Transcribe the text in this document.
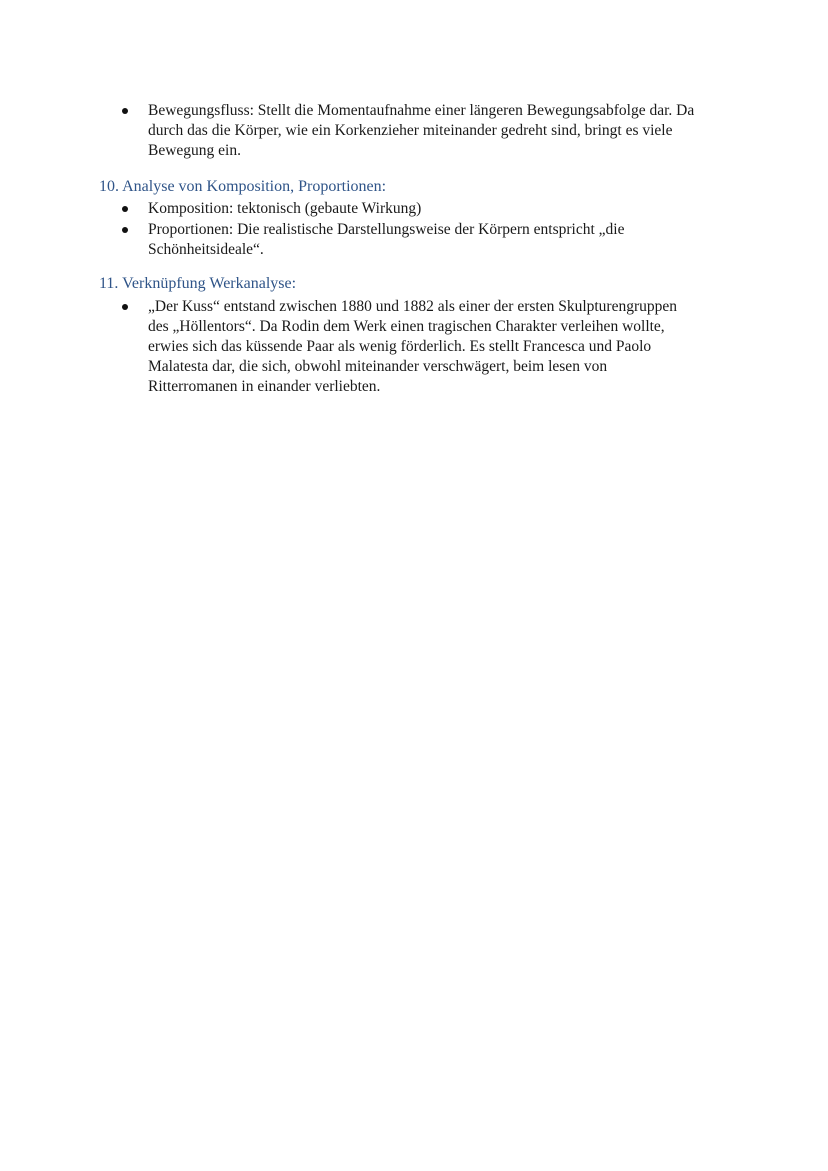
Bewegungsfluss: Stellt die Momentaufnahme einer längeren Bewegungsabfolge dar. Da
durch das die Körper, wie ein Korkenzieher miteinander gedreht sind, bringt es viele
Bewegung ein.
10. Analyse von Komposition, Proportionen:
Komposition: tektonisch (gebaute Wirkung)
Proportionen: Die realistische Darstellungsweise der Körpern entspricht „die
Schönheitsideale“.
11. Verknüpfung Werkanalyse:
„Der Kuss“ entstand zwischen 1880 und 1882 als einer der ersten Skulpturengruppen
des „Höllentors“. Da Rodin dem Werk einen tragischen Charakter verleihen wollte,
erwies sich das küssende Paar als wenig förderlich. Es stellt Francesca und Paolo
Malatesta dar, die sich, obwohl miteinander verschwägert, beim lesen von
Ritterromanen in einander verliebten.
